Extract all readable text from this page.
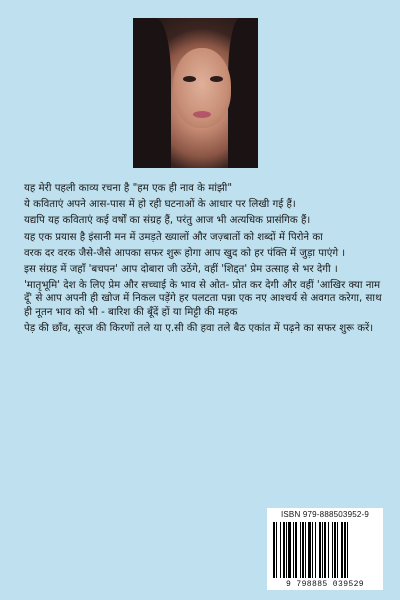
यह मेरी पहली काव्य रचना है "हम एक ही नाव के मांझी"

ये कविताएं अपने आस-पास में हो रही घटनाओं के आधार पर लिखी गई हैं।

यद्यपि यह कविताएं कई वर्षों का संग्रह हैं, परंतु आज भी अत्यधिक प्रासंगिक हैं।

यह एक प्रयास है इंसानी मन में उमड़ते ख्यालों और जज़्बातों को शब्दों में पिरोने का

वरक दर वरक जैसे-जैसे आपका सफर शुरू होगा आप खुद को हर पंक्ति में जुड़ा पाएंगे ।

इस संग्रह में जहाँ 'बचपन' आप दोबारा जी उठेंगे, वहीं 'शिद्दत' प्रेम उत्साह से भर देगी ।

'मातृभूमि' देश के लिए प्रेम और सच्चाई के भाव से ओत- प्रोत कर देगी और वहीं 'आखिर क्या नाम दूँ' से आप अपनी ही खोज में निकल पड़ेंगे हर पलटता पन्ना एक नए आश्चर्य से अवगत करेगा, साथ ही नूतन भाव को भी - बारिश की बूँदें हों या मिट्टी की महक

पेड़ की छाँव, सूरज की किरणों तले या ए.सी की हवा तले बैठ एकांत में पढ़ने का सफर शुरू करें।

ISBN 979-888503952-9
9 798885 039529
